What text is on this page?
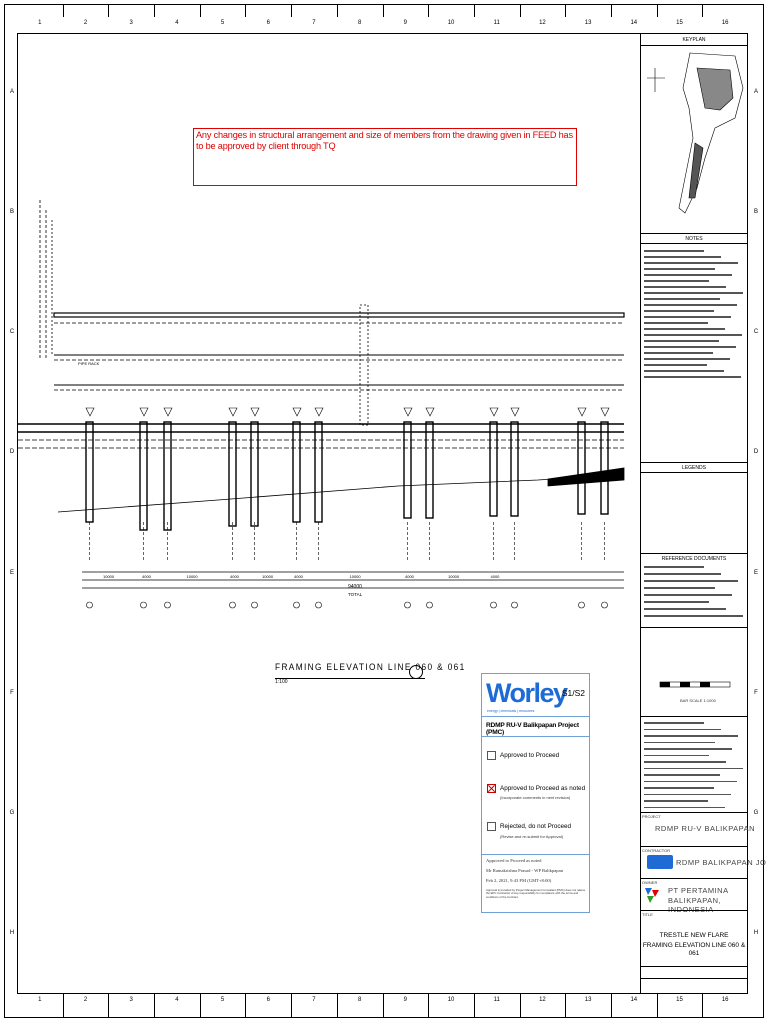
1	2	3	4	5	6	7	8	9	10	11	12	13	14	15	16
1	2	3	4	5	6	7	8	9	10	11	12	13	14	15	16
A	A
B	B
C	C
D	D
E	E
F	F
G	G
H	H
Any changes in structural arrangement and size of members from the drawing given in FEED has to be approved by client through TQ
10000	4000	10000	4000	10000	4000	10000	4000	10000	4000
PIPE RACK
94000
TOTAL
FRAMING ELEVATION LINE 060 & 061
1:100	Worley
energy | chemicals | resources
S1/S2
RDMP RU-V Balikpapan Project (PMC)
Approved to Proceed
Approved to Proceed as noted
(Incorporate comments in next revision)
Rejected, do not Proceed
(Revise and re-submit for Approval)
Approved to Proceed as noted
Mr Ramakrishna Prasad - WP Balikpapan
Feb 2, 2021, 9:43 PM (GMT+8:00)
Approval is provided by Project Management Consultant (PMC) does not relieve the EPC Contractor of any responsibility for compliance with the terms and conditions of the Contract.
KEYPLAN
NOTES
LEGENDS
REFERENCE DOCUMENTS
BAR SCALE 1:1000
PROJECT
RDMP RU-V BALIKPAPAN
CONTRACTOR
RDMP BALIKPAPAN JO
OWNER
PT PERTAMINA
BALIKPAPAN,
TITLE
TRESTLE NEW FLARE
FRAMING ELEVATION LINE 060 & 061
